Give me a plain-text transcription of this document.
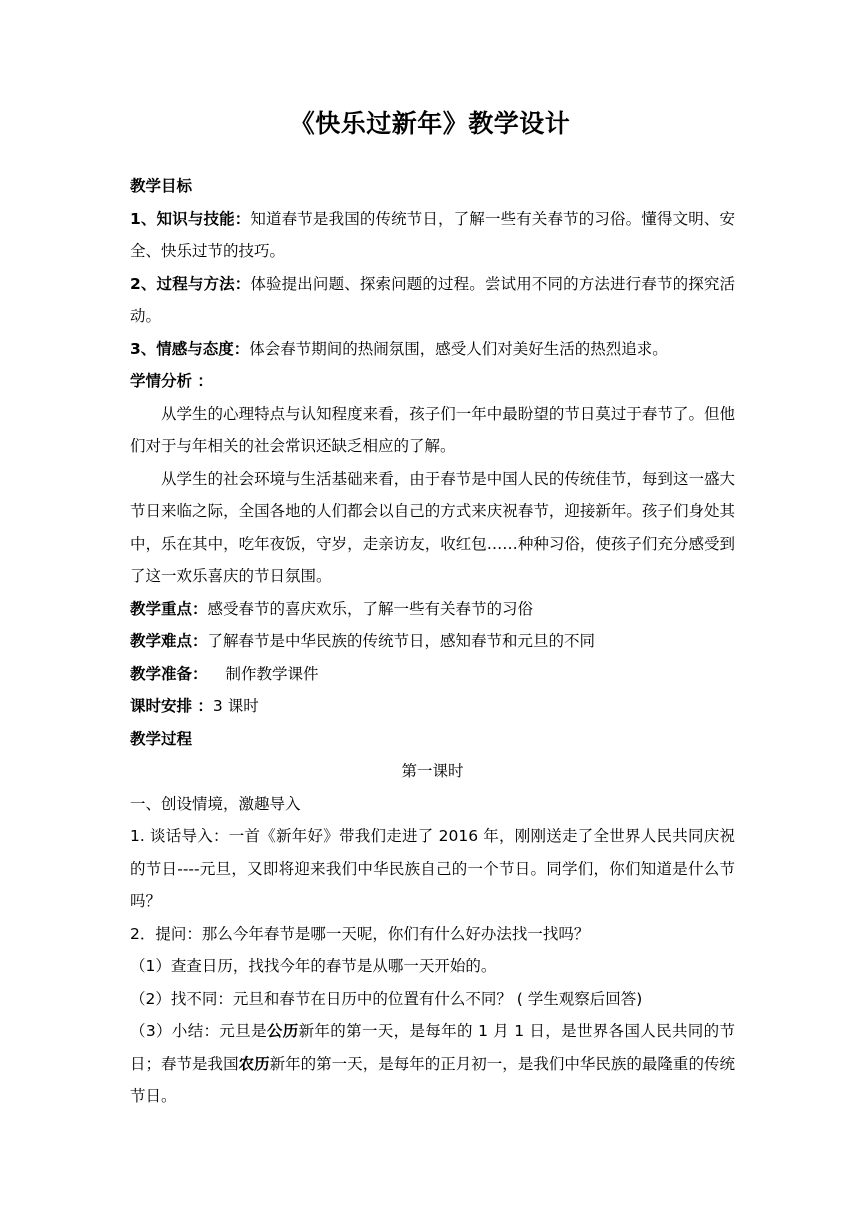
《快乐过新年》教学设计

教学目标

1、知识与技能：知道春节是我国的传统节日，了解一些有关春节的习俗。懂得文明、安全、快乐过节的技巧。

2、过程与方法：体验提出问题、探索问题的过程。尝试用不同的方法进行春节的探究活动。

3、情感与态度：体会春节期间的热闹氛围，感受人们对美好生活的热烈追求。

学情分析 ：

从学生的心理特点与认知程度来看，孩子们一年中最盼望的节日莫过于春节了。但他们对于与年相关的社会常识还缺乏相应的了解。

从学生的社会环境与生活基础来看，由于春节是中国人民的传统佳节，每到这一盛大节日来临之际，全国各地的人们都会以自己的方式来庆祝春节，迎接新年。孩子们身处其中，乐在其中，吃年夜饭，守岁，走亲访友，收红包……种种习俗，使孩子们充分感受到了这一欢乐喜庆的节日氛围。

教学重点：感受春节的喜庆欢乐，了解一些有关春节的习俗

教学难点：了解春节是中华民族的传统节日，感知春节和元旦的不同

教学准备： 制作教学课件

课时安排 ：3 课时

教学过程

第一课时

一、创设情境，激趣导入

1. 谈话导入：一首《新年好》带我们走进了 2016 年，刚刚送走了全世界人民共同庆祝的节日----元旦，又即将迎来我们中华民族自己的一个节日。同学们，你们知道是什么节吗？

2．提问：那么今年春节是哪一天呢，你们有什么好办法找一找吗？

（1）查查日历，找找今年的春节是从哪一天开始的。

（2）找不同：元旦和春节在日历中的位置有什么不同？ ( 学生观察后回答)

（3）小结：元旦是公历新年的第一天，是每年的 1 月 1 日，是世界各国人民共同的节日；春节是我国农历新年的第一天，是每年的正月初一，是我们中华民族的最隆重的传统节日。
